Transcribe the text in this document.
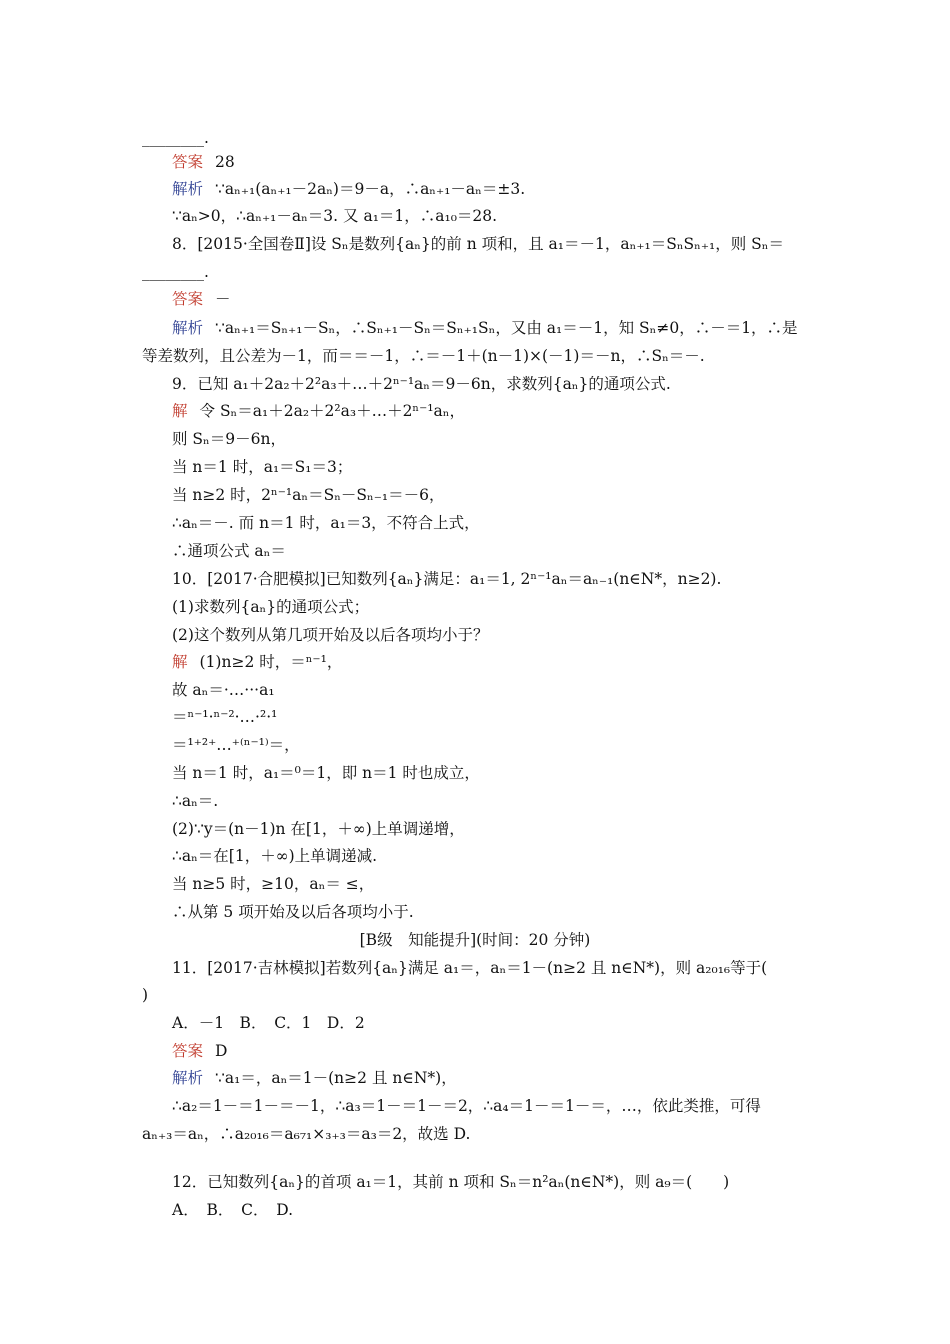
________.
答案 28
解析 ∵aₙ₊₁(aₙ₊₁－2aₙ)＝9－a，∴aₙ₊₁－aₙ＝±3.
∵aₙ>0，∴aₙ₊₁－aₙ＝3. 又 a₁＝1，∴a₁₀＝28.
8．[2015·全国卷Ⅱ]设 Sₙ是数列{aₙ}的前 n 项和，且 a₁＝－1，aₙ₊₁＝SₙSₙ₊₁，则 Sₙ＝
________.
答案 －
解析 ∵aₙ₊₁＝Sₙ₊₁－Sₙ，∴Sₙ₊₁－Sₙ＝Sₙ₊₁Sₙ，又由 a₁＝－1，知 Sₙ≠0，∴－＝1，∴是
等差数列，且公差为－1，而＝＝－1，∴＝－1＋(n－1)×(－1)＝－n，∴Sₙ＝－.
9．已知 a₁＋2a₂＋2²a₃＋…＋2ⁿ⁻¹aₙ＝9－6n，求数列{aₙ}的通项公式.
解 令 Sₙ＝a₁＋2a₂＋2²a₃＋…＋2ⁿ⁻¹aₙ，
则 Sₙ＝9－6n，
当 n＝1 时，a₁＝S₁＝3；
当 n≥2 时，2ⁿ⁻¹aₙ＝Sₙ－Sₙ₋₁＝－6，
∴aₙ＝－. 而 n＝1 时，a₁＝3，不符合上式，
∴通项公式 aₙ＝
10．[2017·合肥模拟]已知数列{aₙ}满足：a₁＝1, 2ⁿ⁻¹aₙ＝aₙ₋₁(n∈N*，n≥2).
(1)求数列{aₙ}的通项公式；
(2)这个数列从第几项开始及以后各项均小于？
解 (1)n≥2 时，＝ⁿ⁻¹，
故 aₙ＝·…···a₁
＝ⁿ⁻¹·ⁿ⁻²·…·²·¹
＝¹⁺²⁺…⁺⁽ⁿ⁻¹⁾＝，
当 n＝1 时，a₁＝⁰＝1，即 n＝1 时也成立，
∴aₙ＝.
(2)∵y＝(n－1)n 在[1，＋∞)上单调递增，
∴aₙ＝在[1，＋∞)上单调递减.
当 n≥5 时，≥10，aₙ＝ ≤，
∴从第 5 项开始及以后各项均小于.
[B级　知能提升](时间：20 分钟)
11．[2017·吉林模拟]若数列{aₙ}满足 a₁＝，aₙ＝1－(n≥2 且 n∈N*)，则 a₂₀₁₆等于(
)
A．－1　B．　C．1　D．2
答案 D
解析 ∵a₁＝，aₙ＝1－(n≥2 且 n∈N*)，
∴a₂＝1－＝1－＝－1，∴a₃＝1－＝1－＝2，∴a₄＝1－＝1－＝，…，依此类推，可得
aₙ₊₃＝aₙ，∴a₂₀₁₆＝a₆₇₁×₃₊₃＝a₃＝2，故选 D.
12．已知数列{aₙ}的首项 a₁＝1，其前 n 项和 Sₙ＝n²aₙ(n∈N*)，则 a₉＝(　　)
A．　B．　C．　D.
